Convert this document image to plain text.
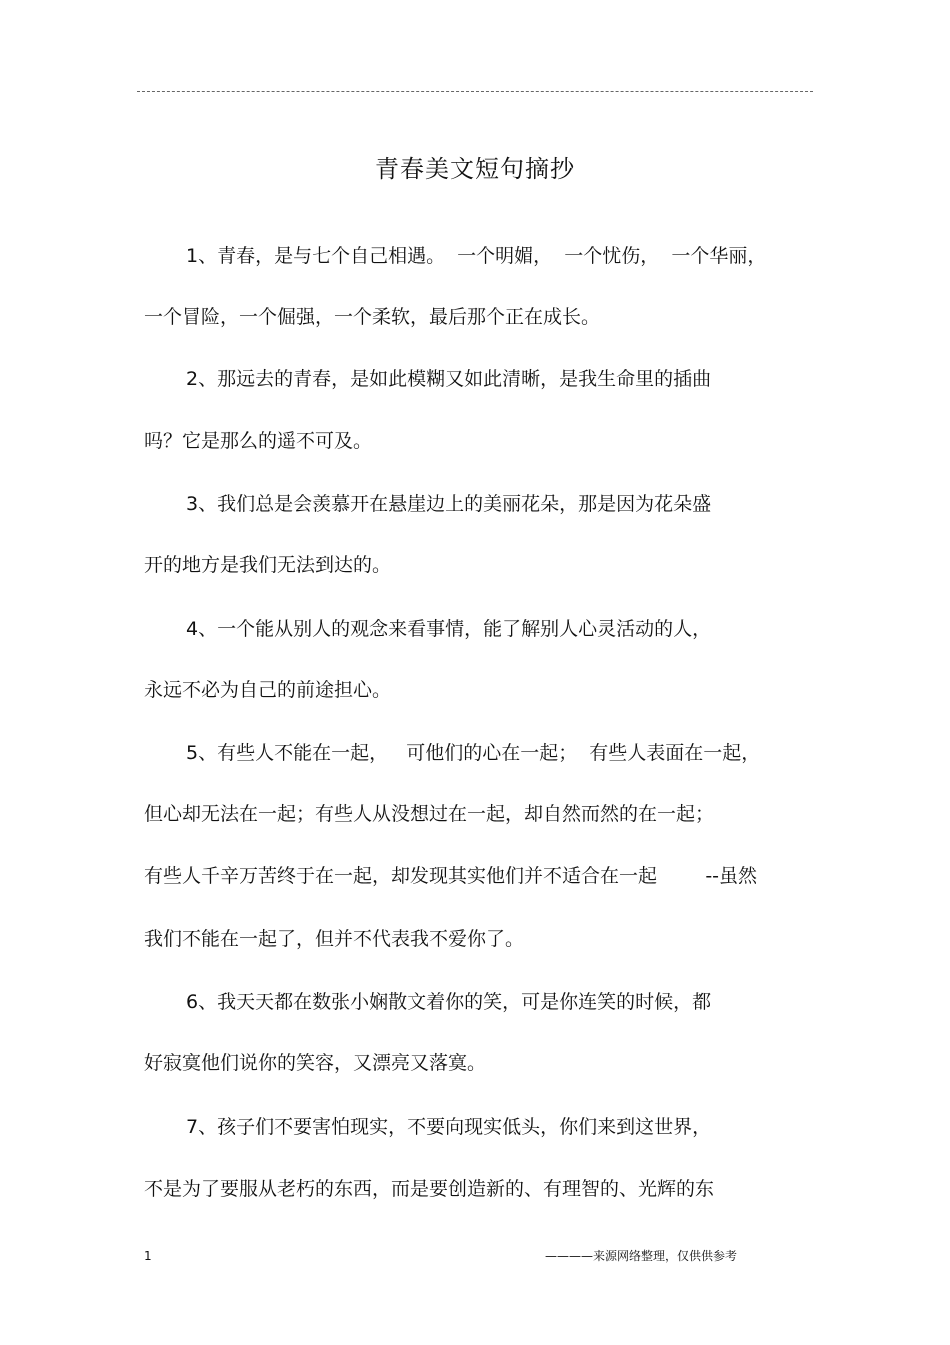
青春美文短句摘抄
1、青春，是与七个自己相遇。  一个明媚，  一个忧伤，  一个华丽，
一个冒险，一个倔强，一个柔软，最后那个正在成长。
2、那远去的青春，是如此模糊又如此清晰，是我生命里的插曲
吗？它是那么的遥不可及。
3、我们总是会羡慕开在悬崖边上的美丽花朵，那是因为花朵盛
开的地方是我们无法到达的。
4、一个能从别人的观念来看事情，能了解别人心灵活动的人，
永远不必为自己的前途担心。
5、有些人不能在一起，   可他们的心在一起；  有些人表面在一起，
但心却无法在一起；有些人从没想过在一起，却自然而然的在一起；
有些人千辛万苦终于在一起，却发现其实他们并不适合在一起        --虽然
我们不能在一起了，但并不代表我不爱你了。
6、我天天都在数张小娴散文着你的笑，可是你连笑的时候，都
好寂寞他们说你的笑容，又漂亮又落寞。
7、孩子们不要害怕现实，不要向现实低头，你们来到这世界，
不是为了要服从老朽的东西，而是要创造新的、有理智的、光辉的东
1	————来源网络整理，仅供供参考
